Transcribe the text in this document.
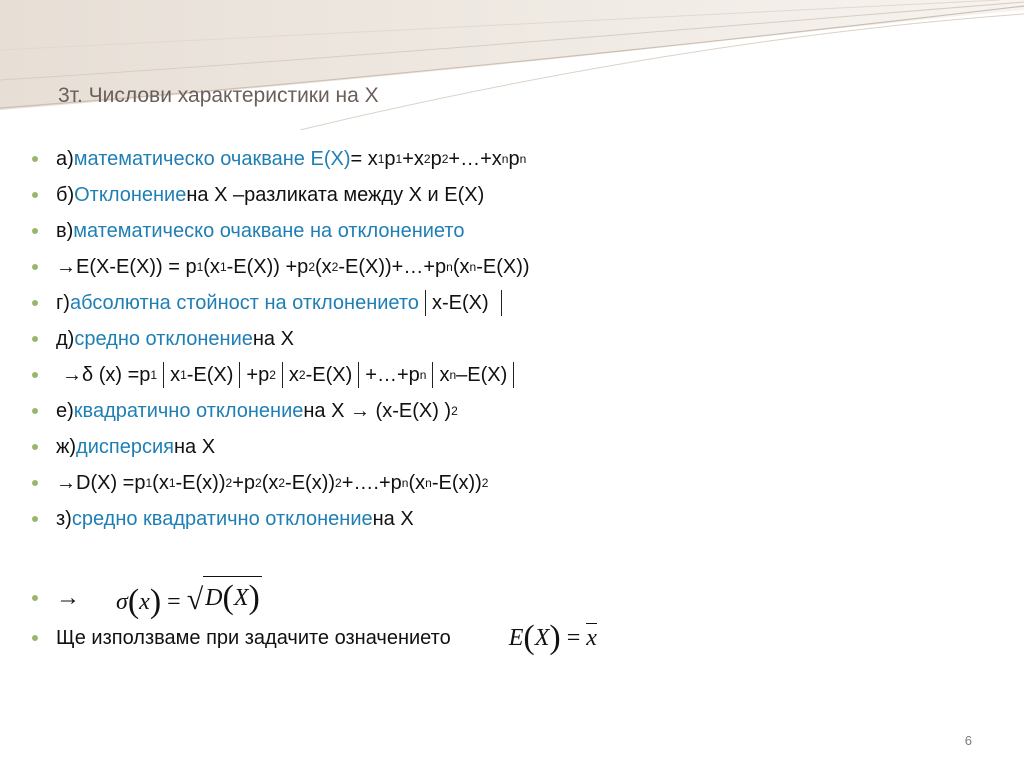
3т. Числови характеристики на X
а) математическо очакване E(X) = x 1 p 1 +x 2 p 2 +…+x n p n
б) Отклонение на X –разликата между X и E(X)
в) математическо очакване на отклонението
→E(X-E(X)) = p 1 (x 1 -E(X)) +p 2 (x 2 -E(X))+…+p n (x n -E(X))
г) абсолютна стойност на отклонението x-E(X)
д) средно отклонение на X
→δ (x) =p 1 x 1 -E(X) +p 2 x 2 -E(X) +…+p n x n –E(X)
е) квадратично отклонение на X → (x-E(X) ) 2
ж) дисперсия на X
→D(X) =p 1 (x 1 -E(x)) 2 +p 2 (x 2 -E(x)) 2 +….+p n (x n -E(x)) 2
з) средно квадратично отклонение на X
→	σ(x) = √ D(X)
Ще използваме при задачите означението E(X) = x
6
